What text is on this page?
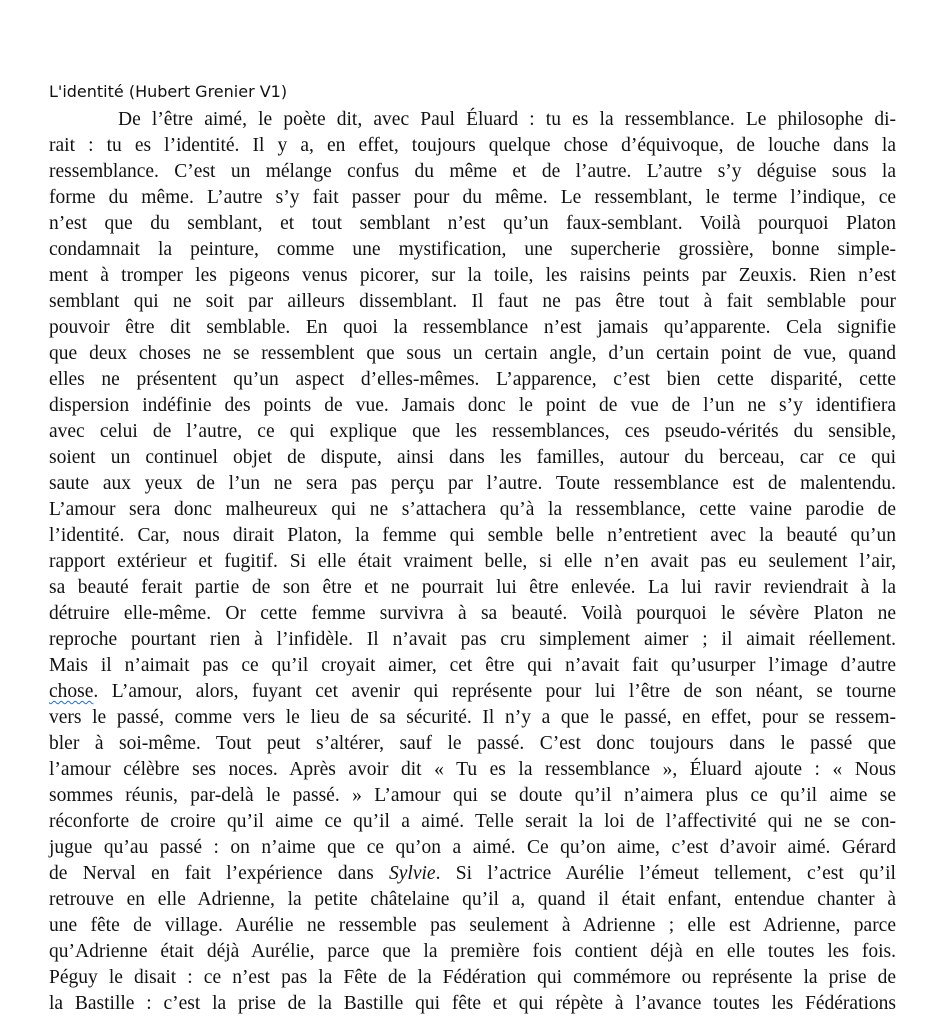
L'identité (Hubert Grenier V1)
De l’être aimé, le poète dit, avec Paul Éluard : tu es la ressemblance. Le philosophe di-
rait : tu es l’identité. Il y a, en effet, toujours quelque chose d’équivoque, de louche dans la
ressemblance. C’est un mélange confus du même et de l’autre. L’autre s’y déguise sous la
forme du même. L’autre s’y fait passer pour du même. Le ressemblant, le terme l’indique, ce
n’est que du semblant, et tout semblant n’est qu’un faux-semblant. Voilà pourquoi Platon
condamnait la peinture, comme une mystification, une supercherie grossière, bonne simple-
ment à tromper les pigeons venus picorer, sur la toile, les raisins peints par Zeuxis. Rien n’est
semblant qui ne soit par ailleurs dissemblant. Il faut ne pas être tout à fait semblable pour
pouvoir être dit semblable. En quoi la ressemblance n’est jamais qu’apparente. Cela signifie
que deux choses ne se ressemblent que sous un certain angle, d’un certain point de vue, quand
elles ne présentent qu’un aspect d’elles-mêmes. L’apparence, c’est bien cette disparité, cette
dispersion indéfinie des points de vue. Jamais donc le point de vue de l’un ne s’y identifiera
avec celui de l’autre, ce qui explique que les ressemblances, ces pseudo-vérités du sensible,
soient un continuel objet de dispute, ainsi dans les familles, autour du berceau, car ce qui
saute aux yeux de l’un ne sera pas perçu par l’autre. Toute ressemblance est de malentendu.
L’amour sera donc malheureux qui ne s’attachera qu’à la ressemblance, cette vaine parodie de
l’identité. Car, nous dirait Platon, la femme qui semble belle n’entretient avec la beauté qu’un
rapport extérieur et fugitif. Si elle était vraiment belle, si elle n’en avait pas eu seulement l’air,
sa beauté ferait partie de son être et ne pourrait lui être enlevée. La lui ravir reviendrait à la
détruire elle-même. Or cette femme survivra à sa beauté. Voilà pourquoi le sévère Platon ne
reproche pourtant rien à l’infidèle. Il n’avait pas cru simplement aimer ; il aimait réellement.
Mais il n’aimait pas ce qu’il croyait aimer, cet être qui n’avait fait qu’usurper l’image d’autre
chose. L’amour, alors, fuyant cet avenir qui représente pour lui l’être de son néant, se tourne
vers le passé, comme vers le lieu de sa sécurité. Il n’y a que le passé, en effet, pour se ressem-
bler à soi-même. Tout peut s’altérer, sauf le passé. C’est donc toujours dans le passé que
l’amour célèbre ses noces. Après avoir dit « Tu es la ressemblance », Éluard ajoute : « Nous
sommes réunis, par-delà le passé. » L’amour qui se doute qu’il n’aimera plus ce qu’il aime se
réconforte de croire qu’il aime ce qu’il a aimé. Telle serait la loi de l’affectivité qui ne se con-
jugue qu’au passé : on n’aime que ce qu’on a aimé. Ce qu’on aime, c’est d’avoir aimé. Gérard
de Nerval en fait l’expérience dans Sylvie. Si l’actrice Aurélie l’émeut tellement, c’est qu’il
retrouve en elle Adrienne, la petite châtelaine qu’il a, quand il était enfant, entendue chanter à
une fête de village. Aurélie ne ressemble pas seulement à Adrienne ; elle est Adrienne, parce
qu’Adrienne était déjà Aurélie, parce que la première fois contient déjà en elle toutes les fois.
Péguy le disait : ce n’est pas la Fête de la Fédération qui commémore ou représente la prise de
la Bastille : c’est la prise de la Bastille qui fête et qui répète à l’avance toutes les Fédérations
